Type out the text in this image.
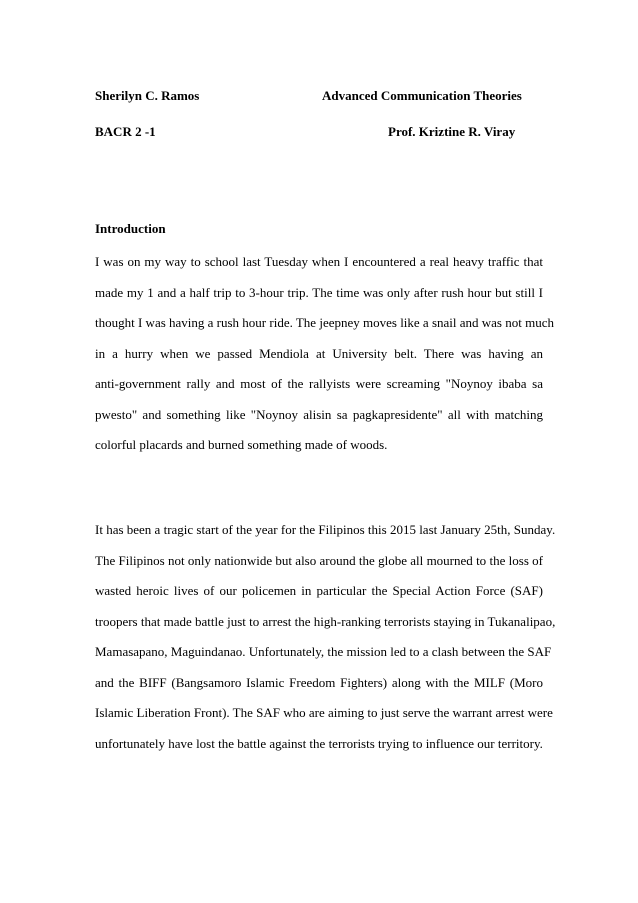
Sherilyn C. Ramos	Advanced Communication Theories
BACR 2 -1	Prof. Kriztine R. Viray
Introduction
I was on my way to school last Tuesday when I encountered a real heavy traffic that
made my 1 and a half trip to 3-hour trip. The time was only after rush hour but still I
thought I was having a rush hour ride. The jeepney moves like a snail and was not much
in a hurry when we passed Mendiola at University belt. There was having an
anti-government rally and most of the rallyists were screaming "Noynoy ibaba sa
pwesto" and something like "Noynoy alisin sa pagkapresidente" all with matching
colorful placards and burned something made of woods.
It has been a tragic start of the year for the Filipinos this 2015 last January 25th, Sunday.
The Filipinos not only nationwide but also around the globe all mourned to the loss of
wasted heroic lives of our policemen in particular the Special Action Force (SAF)
troopers that made battle just to arrest the high-ranking terrorists staying in Tukanalipao,
Mamasapano, Maguindanao. Unfortunately, the mission led to a clash between the SAF
and the BIFF (Bangsamoro Islamic Freedom Fighters) along with the MILF (Moro
Islamic Liberation Front). The SAF who are aiming to just serve the warrant arrest were
unfortunately have lost the battle against the terrorists trying to influence our territory.
